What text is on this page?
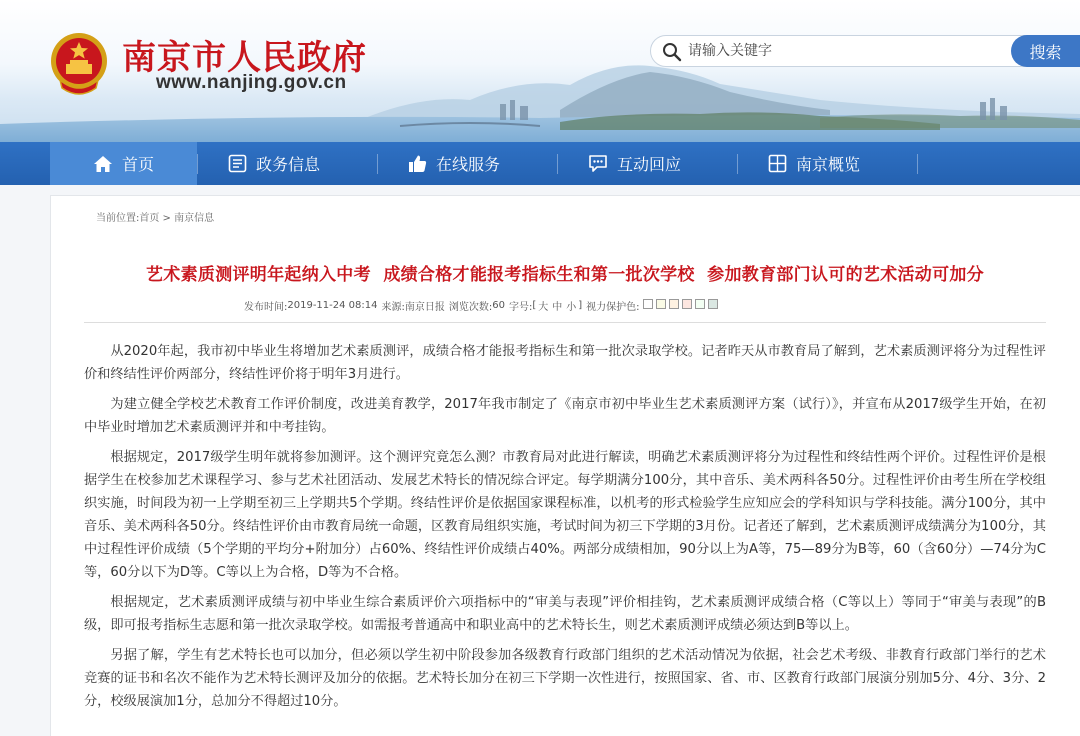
南京市人民政府
www.nanjing.gov.cn
请输入关键字
搜索
首页	政务信息	在线服务	互动回应	南京概览
当前位置:首页 > 南京信息
艺术素质测评明年起纳入中考  成绩合格才能报考指标生和第一批次学校  参加教育部门认可的艺术活动可加分
发布时间: 2019-11-24 08:14 来源: 南京日报 浏览次数: 60 字号: [ 大 中 小 ] 视力保护色:

从2020年起，我市初中毕业生将增加艺术素质测评，成绩合格才能报考指标生和第一批次录取学校。记者昨天从市教育局了解到，艺术素质测评将分为过程性评价和终结性评价两部分，终结性评价将于明年3月进行。

为建立健全学校艺术教育工作评价制度，改进美育教学，2017年我市制定了《南京市初中毕业生艺术素质测评方案（试行）》，并宣布从2017级学生开始，在初中毕业时增加艺术素质测评并和中考挂钩。

根据规定，2017级学生明年就将参加测评。这个测评究竟怎么测？市教育局对此进行解读，明确艺术素质测评将分为过程性和终结性两个评价。过程性评价是根据学生在校参加艺术课程学习、参与艺术社团活动、发展艺术特长的情况综合评定。每学期满分100分，其中音乐、美术两科各50分。过程性评价由考生所在学校组织实施，时间段为初一上学期至初三上学期共5个学期。终结性评价是依据国家课程标准，以机考的形式检验学生应知应会的学科知识与学科技能。满分100分，其中音乐、美术两科各50分。终结性评价由市教育局统一命题，区教育局组织实施，考试时间为初三下学期的3月份。记者还了解到，艺术素质测评成绩满分为100分，其中过程性评价成绩（5个学期的平均分+附加分）占60%、终结性评价成绩占40%。两部分成绩相加，90分以上为A等，75—89分为B等，60（含60分）—74分为C等，60分以下为D等。C等以上为合格，D等为不合格。

根据规定，艺术素质测评成绩与初中毕业生综合素质评价六项指标中的“审美与表现”评价相挂钩，艺术素质测评成绩合格（C等以上）等同于“审美与表现”的B级，即可报考指标生志愿和第一批次录取学校。如需报考普通高中和职业高中的艺术特长生，则艺术素质测评成绩必须达到B等以上。

另据了解，学生有艺术特长也可以加分，但必须以学生初中阶段参加各级教育行政部门组织的艺术活动情况为依据，社会艺术考级、非教育行政部门举行的艺术竞赛的证书和名次不能作为艺术特长测评及加分的依据。艺术特长加分在初三下学期一次性进行，按照国家、省、市、区教育行政部门展演分别加5分、4分、3分、2分，校级展演加1分，总加分不得超过10分。
